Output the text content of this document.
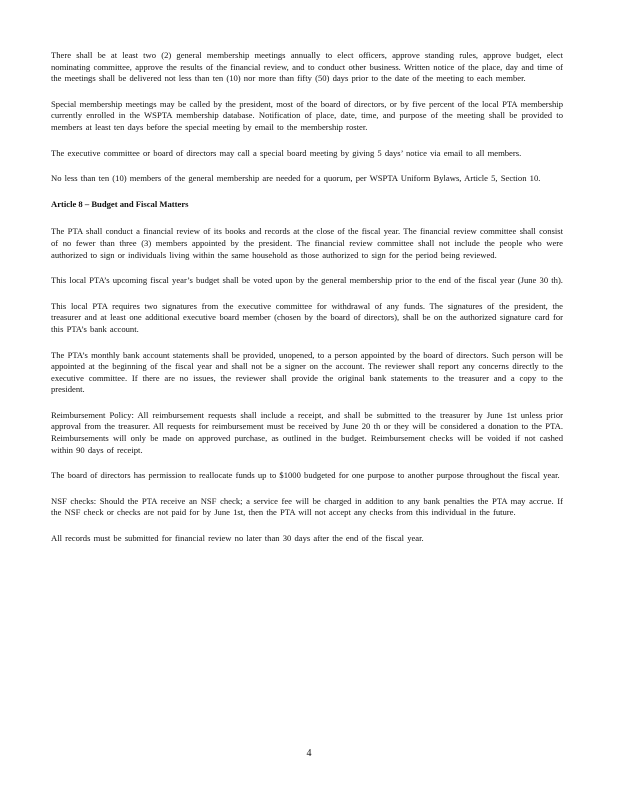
There shall be at least two (2) general membership meetings annually to elect officers, approve standing rules, approve budget, elect nominating committee, approve the results of the financial review, and to conduct other business. Written notice of the place, day and time of the meetings shall be delivered not less than ten (10) nor more than fifty (50) days prior to the date of the meeting to each member.

Special membership meetings may be called by the president, most of the board of directors, or by five percent of the local PTA membership currently enrolled in the WSPTA membership database. Notification of place, date, time, and purpose of the meeting shall be provided to members at least ten days before the special meeting by email to the membership roster.

The executive committee or board of directors may call a special board meeting by giving 5 days’ notice via email to all members.

No less than ten (10) members of the general membership are needed for a quorum, per WSPTA Uniform Bylaws, Article 5, Section 10.

Article 8 – Budget and Fiscal Matters

The PTA shall conduct a financial review of its books and records at the close of the fiscal year. The financial review committee shall consist of no fewer than three (3) members appointed by the president. The financial review committee shall not include the people who were authorized to sign or individuals living within the same household as those authorized to sign for the period being reviewed.

This local PTA’s upcoming fiscal year’s budget shall be voted upon by the general membership prior to the end of the fiscal year (June 30 th).

This local PTA requires two signatures from the executive committee for withdrawal of any funds. The signatures of the president, the treasurer and at least one additional executive board member (chosen by the board of directors), shall be on the authorized signature card for this PTA’s bank account.

The PTA’s monthly bank account statements shall be provided, unopened, to a person appointed by the board of directors. Such person will be appointed at the beginning of the fiscal year and shall not be a signer on the account. The reviewer shall report any concerns directly to the executive committee. If there are no issues, the reviewer shall provide the original bank statements to the treasurer and a copy to the president.

Reimbursement Policy: All reimbursement requests shall include a receipt, and shall be submitted to the treasurer by June 1st unless prior approval from the treasurer. All requests for reimbursement must be received by June 20 th or they will be considered a donation to the PTA. Reimbursements will only be made on approved purchase, as outlined in the budget. Reimbursement checks will be voided if not cashed within 90 days of receipt.

The board of directors has permission to reallocate funds up to $1000 budgeted for one purpose to another purpose throughout the fiscal year.

NSF checks: Should the PTA receive an NSF check; a service fee will be charged in addition to any bank penalties the PTA may accrue. If the NSF check or checks are not paid for by June 1st, then the PTA will not accept any checks from this individual in the future.

All records must be submitted for financial review no later than 30 days after the end of the fiscal year.

4
